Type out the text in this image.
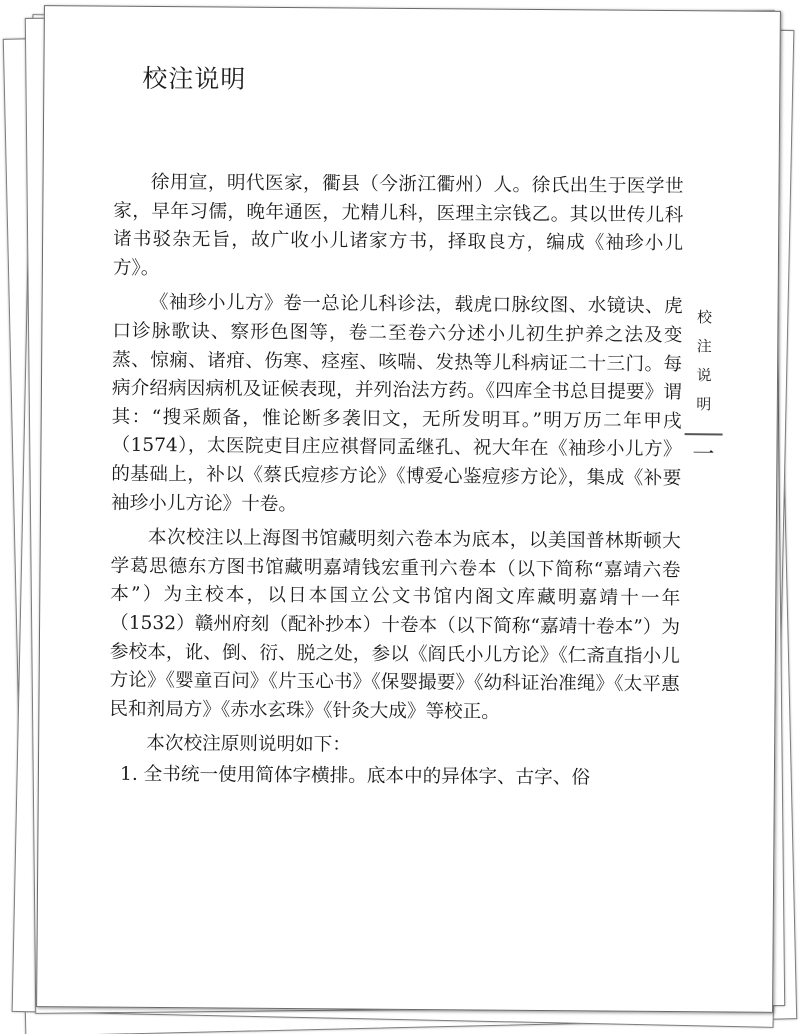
校注说明

徐用宣，明代医家，衢县（今浙江衢州）人。徐氏出生于医学世家，早年习儒，晚年通医，尤精儿科，医理主宗钱乙。其以世传儿科诸书驳杂无旨，故广收小儿诸家方书，择取良方，编成《袖珍小儿方》。

《袖珍小儿方》卷一总论儿科诊法，载虎口脉纹图、水镜诀、虎口诊脉歌诀、察形色图等，卷二至卷六分述小儿初生护养之法及变蒸、惊痫、诸疳、伤寒、痉痓、咳喘、发热等儿科病证二十三门。每病介绍病因病机及证候表现，并列治法方药。《四库全书总目提要》谓其：“搜采颇备，惟论断多袭旧文，无所发明耳。”明万历二年甲戌（1574），太医院吏目庄应祺督同孟继孔、祝大年在《袖珍小儿方》的基础上，补以《蔡氏痘疹方论》《博爱心鉴痘疹方论》，集成《补要袖珍小儿方论》十卷。

本次校注以上海图书馆藏明刻六卷本为底本，以美国普林斯顿大学葛思德东方图书馆藏明嘉靖钱宏重刊六卷本（以下简称“嘉靖六卷本”）为主校本，以日本国立公文书馆内阁文库藏明嘉靖十一年（1532）赣州府刻（配补抄本）十卷本（以下简称“嘉靖十卷本”）为参校本，讹、倒、衍、脱之处，参以《阎氏小儿方论》《仁斋直指小儿方论》《婴童百问》《片玉心书》《保婴撮要》《幼科证治准绳》《太平惠民和剂局方》《赤水玄珠》《针灸大成》等校正。

本次校注原则说明如下：

1. 全书统一使用简体字横排。底本中的异体字、古字、俗

校
注
说
明
一
